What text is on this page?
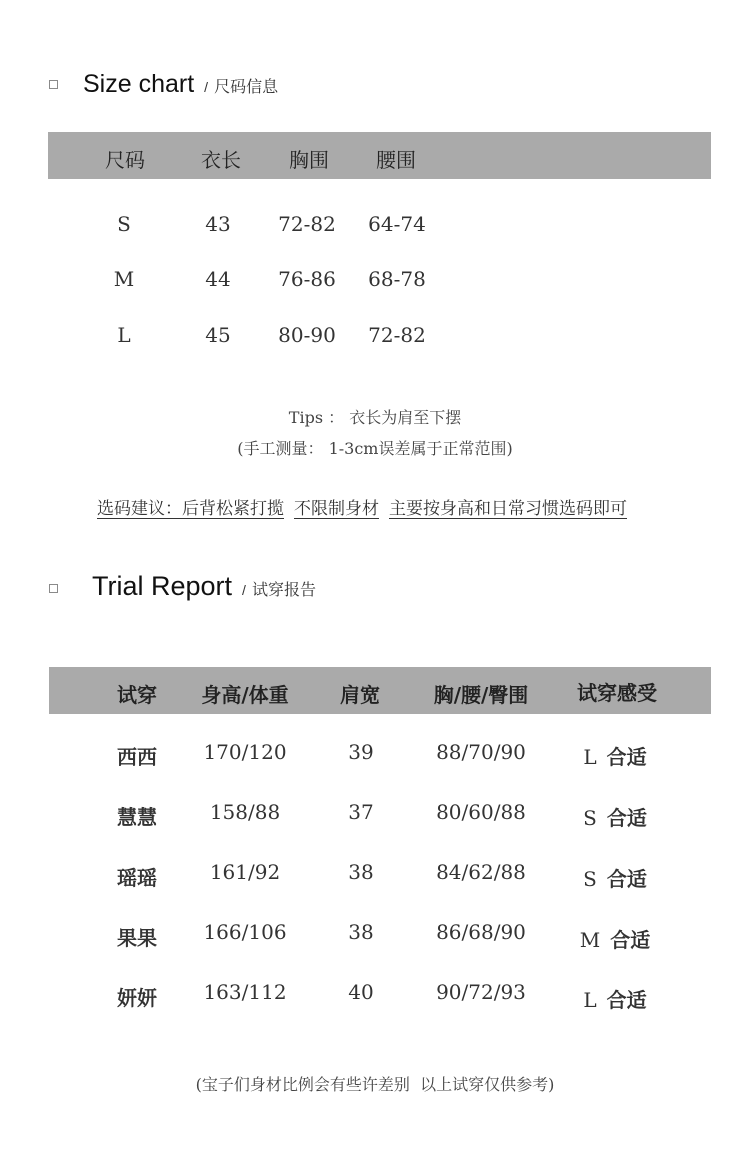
Size chart / 尺码信息
尺码	衣长 胸围 腰围
S	43 72-82 64-74
M	44 76-86 68-78
L	45 80-90 72-82
Tips ： 衣长为肩至下摆
(手工测量： 1-3cm误差属于正常范围)
选码建议：后背松紧打揽 不限制身材 主要按身高和日常习惯选码即可
Trial Report / 试穿报告
试穿 身高/体重	肩宽	胸/腰/臀围 试穿感受
西西 170/120	39	88/70/90	L 合适
慧慧	158/88	37	80/60/88	S 合适
瑶瑶	161/92	38	84/62/88	S 合适
果果 166/106	38	86/68/90	M 合适
妍妍 163/112	40	90/72/93	L 合适
(宝子们身材比例会有些许差别  以上试穿仅供参考)
